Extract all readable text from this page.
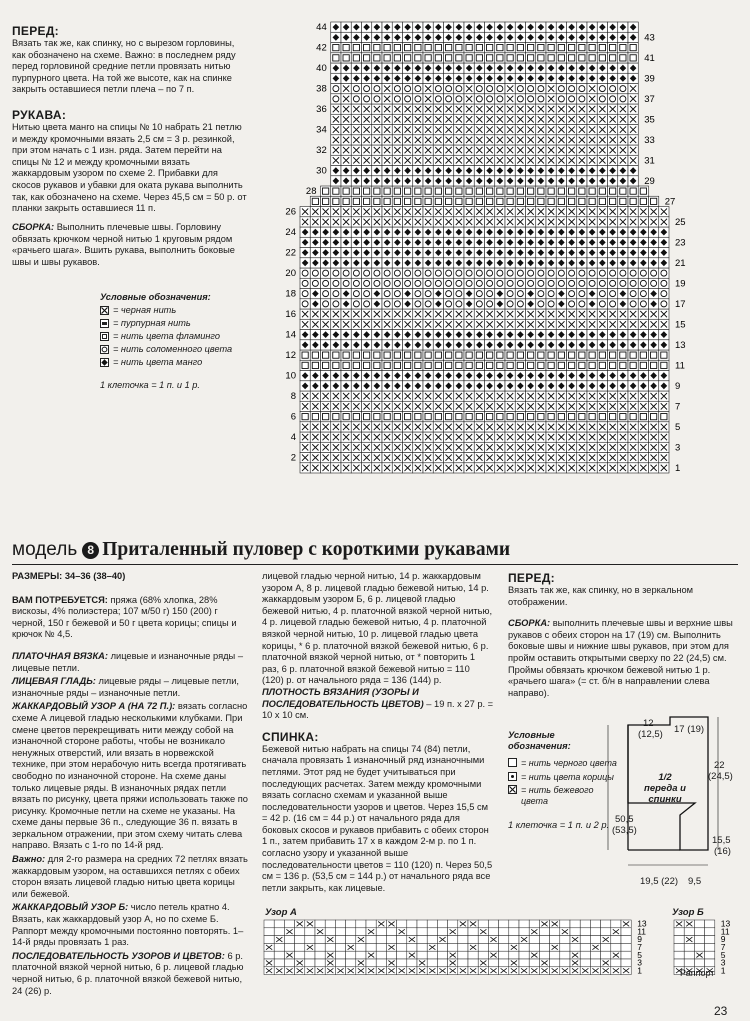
ПЕРЕД:

Вязать так же, как спинку, но с вырезом горловины, как обозначено на схеме. Важно: в последнем ряду перед горловиной средние петли провязать нитью пурпурного цвета. На той же высоте, как на спинке закрыть оставшиеся петли плеча – по 7 п.

РУКАВА:

Нитью цвета манго на спицы № 10 набрать 21 петлю и между кромочными вязать 2,5 см = 3 р. резинкой, при этом начать с 1 изн. ряда. Затем перейти на спицы № 12 и между кромочными вязать жаккардовым узором по схеме 2. Прибавки для скосов рукавов и убавки для оката рукава выполнить так, как обозначено на схеме. Через 45,5 см = 50 р. от планки закрыть оставшиеся 11 п.

СБОРКА: Выполнить плечевые швы. Горловину обвязать крючком черной нитью 1 круговым рядом «рачьего шага». Вшить рукава, выполнить боковые швы и швы рукавов.

Условные обозначения:
= черная нить
= пурпурная нить
= нить цвета фламинго
= нить соломенного цвета
= нить цвета манго
1 клеточка = 1 п. и 1 р.
44
42
40
38
36
34
32
30
28
26
24
22
20
18
16
14
12
10
8
6
4
2
43
41
39
37
35
33
31
29
27
25
23
21
19
17
15
13
11
9
7
5
3
1
модель 8 Приталенный пуловер с короткими рукавами

РАЗМЕРЫ: 34–36 (38–40)

ВАМ ПОТРЕБУЕТСЯ: пряжа (68% хлопка, 28% вискозы, 4% полиэстера; 107 м/50 г) 150 (200) г черной, 150 г бежевой и 50 г цвета корицы; спицы и крючок № 4,5.

ПЛАТОЧНАЯ ВЯЗКА: лицевые и изнаночные ряды – лицевые петли.

ЛИЦЕВАЯ ГЛАДЬ: лицевые ряды – лицевые петли, изнаночные ряды – изнаночные петли.

ЖАККАРДОВЫЙ УЗОР А (НА 72 П.): вязать согласно схеме А лицевой гладью несколькими клубками. При смене цветов перекрещивать нити между собой на изнаночной стороне работы, чтобы не возникало ненужных отверстий, или вязать в норвежской технике, при этом нерабочую нить всегда протягивать свободно по изнаночной стороне. На схеме даны только лицевые ряды. В изнаночных рядах петли вязать по рисунку, цвета пряжи использовать также по рисунку. Кромочные петли на схеме не указаны. На схеме даны первые 36 п., следующие 36 п. вязать в зеркальном отражении, при этом схему читать слева направо. Вязать с 1-го по 14-й ряд.

Важно: для 2-го размера на средних 72 петлях вязать жаккардовым узором, на оставшихся петлях с обеих сторон вязать лицевой гладью нитью цвета корицы или бежевой.

ЖАККАРДОВЫЙ УЗОР Б: число петель кратно 4. Вязать, как жаккардовый узор А, но по схеме Б. Раппорт между кромочными постоянно повторять. 1–14-й ряды провязать 1 раз.

ПОСЛЕДОВАТЕЛЬНОСТЬ УЗОРОВ И ЦВЕТОВ: 6 р. платочной вязкой черной нитью, 6 р. лицевой гладью черной нитью, 6 р. платочной вязкой бежевой нитью, 24 (26) р.

лицевой гладью черной нитью, 14 р. жаккардовым узором А, 8 р. лицевой гладью бежевой нитью, 14 р. жаккардовым узором Б, 6 р. лицевой гладью бежевой нитью, 4 р. платочной вязкой черной нитью, 4 р. лицевой гладью бежевой нитью, 4 р. платочной вязкой черной нитью, 10 р. лицевой гладью цвета корицы, * 6 р. платочной вязкой бежевой нитью, 6 р. платочной вязкой черной нитью, от * повторить 1 раз, 6 р. платочной вязкой бежевой нитью = 110 (120) р. от начального ряда = 136 (144) р.

ПЛОТНОСТЬ ВЯЗАНИЯ (УЗОРЫ И ПОСЛЕДОВАТЕЛЬНОСТЬ ЦВЕТОВ) – 19 п. x 27 р. = 10 x 10 см.

СПИНКА:

Бежевой нитью набрать на спицы 74 (84) петли, сначала провязать 1 изнаночный ряд изнаночными петлями. Этот ряд не будет учитываться при последующих расчетах. Затем между кромочными вязать согласно схемам и указанной выше последовательности узоров и цветов. Через 15,5 см = 42 р. (16 см = 44 р.) от начального ряда для боковых скосов и рукавов прибавить с обеих сторон 1 п., затем прибавить 17 x в каждом 2-м р. по 1 п. согласно узору и указанной выше последовательности цветов = 110 (120) п. Через 50,5 см = 136 р. (53,5 см = 144 р.) от начального ряда все петли закрыть, как лицевые.

ПЕРЕД:

Вязать так же, как спинку, но в зеркальном отображении.

СБОРКА: выполнить плечевые швы и верхние швы рукавов с обеих сторон на 17 (19) см. Выполнить боковые швы и нижние швы рукавов, при этом для пройм оставить открытыми сверху по 22 (24,5) см. Проймы обвязать крючком бежевой нитью 1 р. «рачьего шага» (= ст. б/н в направлении слева направо).

Условные обозначения:
= нить черного цвета
= нить цвета корицы
= нить бежевого цвета
1 клеточка = 1 п. и 2 р.
12
(12,5) 17 (19)
22
(24,5)
50,5
(53,5)
15,5
(16)
19,5 (22) 9,5
1/2
переда и спинки
Узор А	Узор Б
13
11
9
7
5
3
1
13
11
9
7
5
3
1
Раппорт
23
